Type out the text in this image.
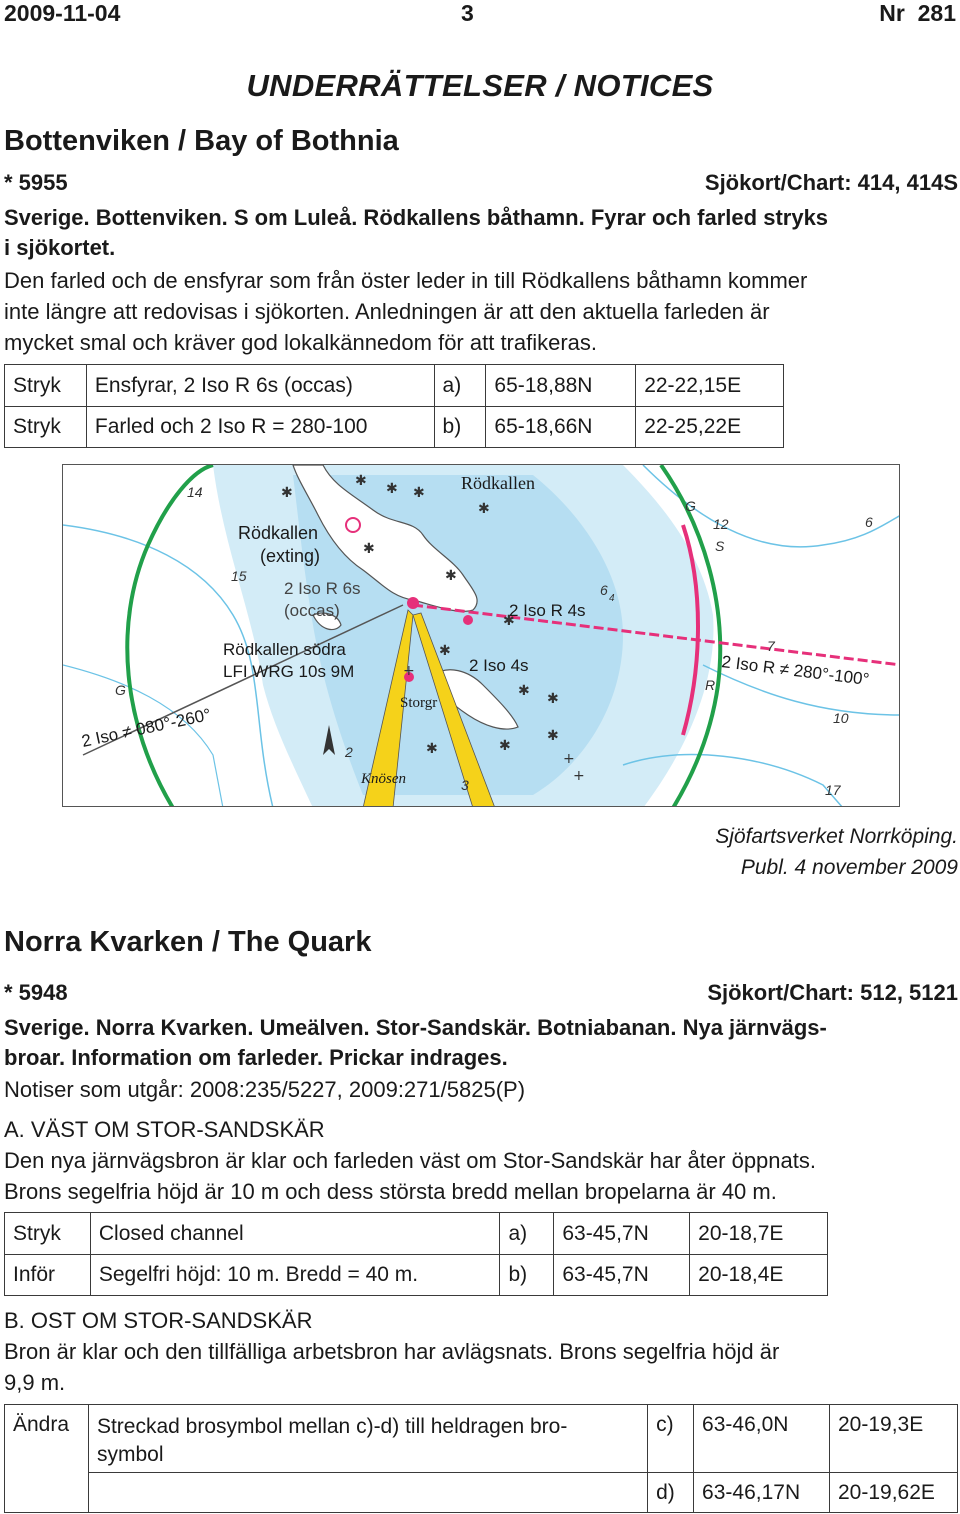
2009-11-04	3	Nr  281
UNDERRÄTTELSER / NOTICES
Bottenviken / Bay of Bothnia
* 5955	Sjökort/Chart: 414, 414S
Sverige. Bottenviken. S om Luleå. Rödkallens båthamn. Fyrar och farled stryks
i sjökortet.
Den farled och de ensfyrar som från öster leder in till Rödkallens båthamn kommer
inte längre att redovisas i sjökorten. Anledningen är att den aktuella farleden är
mycket smal och kräver god lokalkännedom för att trafikeras.
Stryk	Ensfyrar, 2 Iso R 6s (occas)	a)	65-18,88N	22-22,15E
Stryk	Farled och 2 Iso R = 280-100	b)	65-18,66N	22-25,22E
✱
✱ ✱ ✱
✱
✱
✱
✱
✱
✱ ✱
✱
✱
✱
+
+
+
Rödkallen
Rödkallen
(exting)
2 Iso R 6s
(occas)	2 Iso R 4s
Rödkallen södra
LFI WRG 10s 9M	2 Iso 4s
Storgr
Knösen
2 Iso R ≠ 280°-100°
2 Iso ≠ 080°-260°
G
G	R
14
15
12
S
6
6
4
7
10
2
3	17
Sjöfartsverket Norrköping.
Publ. 4 november 2009
Norra Kvarken / The Quark
* 5948	Sjökort/Chart: 512, 5121
Sverige. Norra Kvarken. Umeälven. Stor-Sandskär. Botniabanan. Nya järnvägs-
broar. Information om farleder. Prickar indrages.
Notiser som utgår: 2008:235/5227, 2009:271/5825(P)
A. VÄST OM STOR-SANDSKÄR
Den nya järnvägsbron är klar och farleden väst om Stor-Sandskär har åter öppnats.
Brons segelfria höjd är 10 m och dess största bredd mellan bropelarna är 40 m.
Stryk	Closed channel	a)	63-45,7N	20-18,7E
Inför	Segelfri höjd: 10 m. Bredd = 40 m.	b)	63-45,7N	20-18,4E
B. OST OM STOR-SANDSKÄR
Bron är klar och den tillfälliga arbetsbron har avlägsnats. Brons segelfria höjd är
9,9 m.
Ändra	Streckad brosymbol mellan c)-d) till heldragen bro-
symbol	c)	63-46,0N	20-19,3E
		d)	63-46,17N	20-19,62E
